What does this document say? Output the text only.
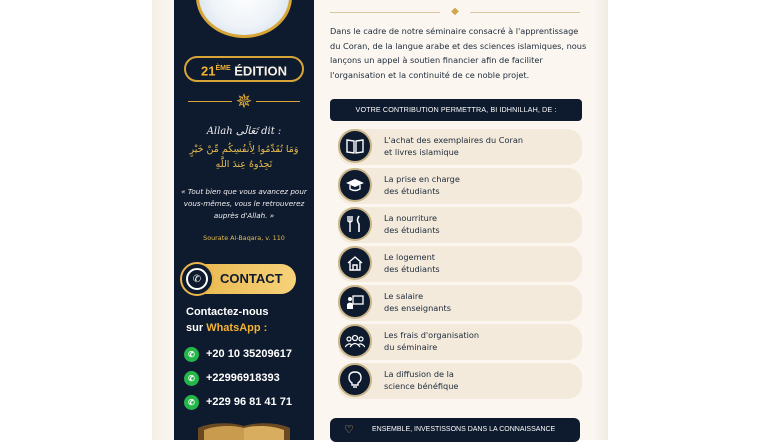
21ÈME ÉDITION
✵
Allah تَعَالَى dit :
وَمَا تُقَدِّمُوا لِأَنفُسِكُم مِّنْ خَيْرٍ تَجِدُوهُ عِندَ اللَّهِ
« Tout bien que vous avancez pour vous-mêmes, vous le retrouverez auprès d'Allah. »
Sourate Al-Baqara, v. 110
✆	CONTACT
Contactez-nous
sur WhatsApp :
✆	+20 10 35209617
✆	+22996918393
✆	+229 96 81 41 71
◆
Dans le cadre de notre séminaire consacré à l'apprentissage du Coran, de la langue arabe et des sciences islamiques, nous lançons un appel à soutien financier afin de faciliter l'organisation et la continuité de ce noble projet.
VOTRE CONTRIBUTION PERMETTRA, BI IDHNILLAH, DE :
L'achat des exemplaires du Coran
et livres islamique
La prise en charge
des étudiants
La nourriture
des étudiants
Le logement
des étudiants
Le salaire
des enseignants
Les frais d'organisation
du séminaire
La diffusion de la
science bénéfique
♡	ENSEMBLE, INVESTISSONS DANS LA CONNAISSANCE
